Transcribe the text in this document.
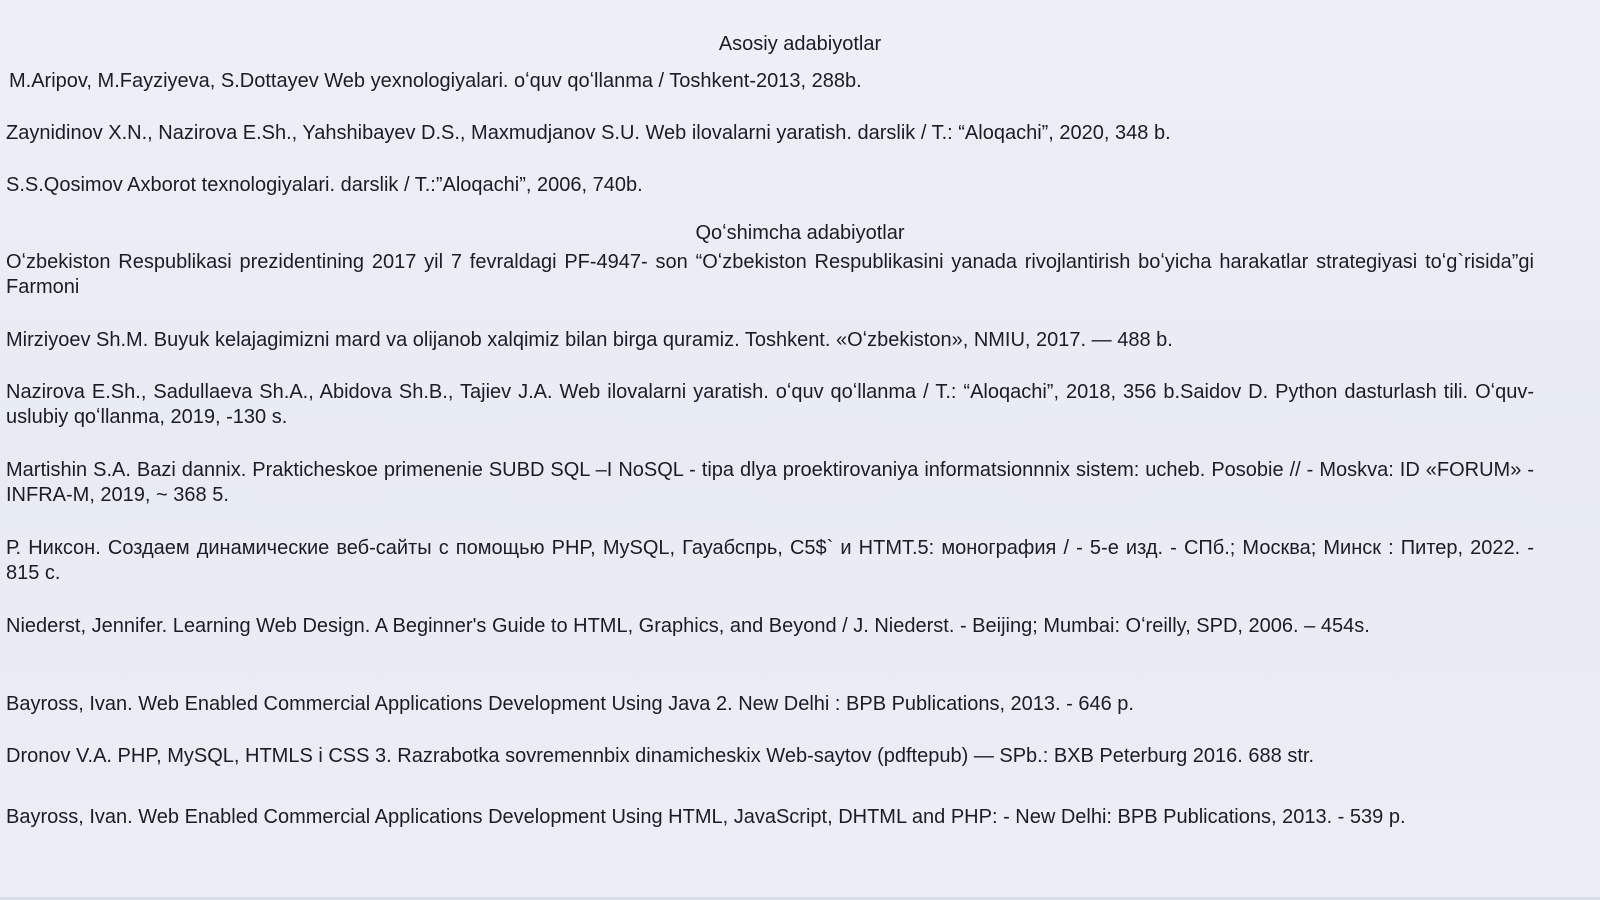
Asosiy adabiyotlar
M.Aripov, M.Fayziyeva, S.Dottayev Web yexnologiyalari. oʻquv qoʻllanma / Toshkent-2013, 288b.
Zaynidinov X.N., Nazirova E.Sh., Yahshibayev D.S., Maxmudjanov S.U. Web ilovalarni yaratish. darslik / T.: “Aloqachi”, 2020, 348 b.
S.S.Qosimov Axborot texnologiyalari. darslik / T.:”Aloqachi”, 2006, 740b.
Qoʻshimcha adabiyotlar
Oʻzbekiston Respublikasi prezidentining 2017 yil 7 fevraldagi PF-4947- son “Oʻzbekiston Respublikasini yanada rivojlantirish boʻyicha harakatlar strategiyasi toʻg`risida”gi Farmoni
Mirziyoev Sh.M. Buyuk kelajagimizni mard va olijanob xalqimiz bilan birga quramiz. Toshkent. «Oʻzbekiston», NMIU, 2017. — 488 b.
Nazirova E.Sh., Sadullaeva Sh.A., Abidova Sh.B., Tajiev J.A. Web ilovalarni yaratish. oʻquv qoʻllanma / T.: “Aloqachi”, 2018, 356 b.Saidov D. Python dasturlash tili. Oʻquv-uslubiy qoʻllanma, 2019, -130 s.
Martishin S.A. Bazi dannix. Prakticheskoe primenenie SUBD SQL –I NoSQL - tipa dlya proektirovaniya informatsionnnix sistem: ucheb. Posobie // - Moskva: ID «FORUM» - INFRA-M, 2019, ~ 368 5.
Р. Никсон. Создаем динамические веб-сайты с помощью PHP, MySQL, Гауабспрь, С5$` и НТМТ.5: монография / - 5-е изд. - СПб.; Москва; Минск : Питер, 2022. - 815 с.
Niederst, Jennifer. Learning Web Design. A Beginner's Guide to HTML, Graphics, and Beyond / J. Niederst. - Beijing; Mumbai: Oʻreilly, SPD, 2006. – 454s.
Bayross, Ivan. Web Enabled Commercial Applications Development Using Java 2. New Delhi : BPB Publications, 2013. - 646 p.
Dronov V.A. PHP, MySQL, HTMLS i CSS 3. Razrabotka sovremennbix dinamicheskix Web-saytov (pdftepub) — SPb.: BXB Peterburg 2016. 688 str.
Bayross, Ivan. Web Enabled Commercial Applications Development Using HTML, JavaScript, DHTML and PHP: - New Delhi: BPB Publications, 2013. - 539 p.
